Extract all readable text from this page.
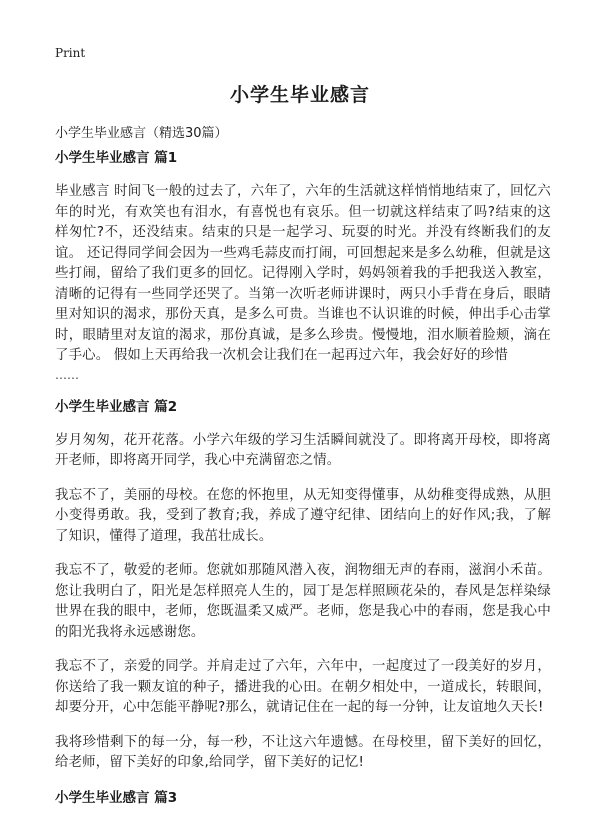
Print
小学生毕业感言

小学生毕业感言（精选30篇）

小学生毕业感言 篇1

毕业感言 时间飞一般的过去了，六年了，六年的生活就这样悄悄地结束了，回忆六年的时光，有欢笑也有泪水，有喜悦也有哀乐。但一切就这样结束了吗?结束的这样匆忙?不，还没结束。结束的只是一起学习、玩耍的时光。并没有终断我们的友谊。 还记得同学间会因为一些鸡毛蒜皮而打闹，可回想起来是多么幼稚，但就是这些打闹，留给了我们更多的回忆。记得刚入学时，妈妈领着我的手把我送入教室，清晰的记得有一些同学还哭了。当第一次听老师讲课时，两只小手背在身后，眼睛里对知识的渴求，那份天真，是多么可贵。当谁也不认识谁的时候，伸出手心击掌时，眼睛里对友谊的渴求，那份真诚，是多么珍贵。慢慢地，泪水顺着脸颊，滴在了手心。 假如上天再给我一次机会让我们在一起再过六年，我会好好的珍惜

……
小学生毕业感言 篇2

岁月匆匆，花开花落。小学六年级的学习生活瞬间就没了。即将离开母校，即将离开老师，即将离开同学，我心中充满留恋之情。

我忘不了，美丽的母校。在您的怀抱里，从无知变得懂事，从幼稚变得成熟，从胆小变得勇敢。我，受到了教育;我，养成了遵守纪律、团结向上的好作风;我，了解了知识，懂得了道理，我茁壮成长。

我忘不了，敬爱的老师。您就如那随风潜入夜，润物细无声的春雨，滋润小禾苗。您让我明白了，阳光是怎样照亮人生的，园丁是怎样照顾花朵的，春风是怎样染绿世界在我的眼中，老师，您既温柔又威严。老师，您是我心中的春雨，您是我心中的阳光我将永远感谢您。

我忘不了，亲爱的同学。并肩走过了六年，六年中，一起度过了一段美好的岁月，你送给了我一颗友谊的种子，播进我的心田。在朝夕相处中，一道成长，转眼间，却要分开，心中怎能平静呢?那么，就请记住在一起的每一分钟，让友谊地久天长!

我将珍惜剩下的每一分，每一秒，不让这六年遗憾。在母校里，留下美好的回忆，给老师，留下美好的印象,给同学，留下美好的记忆!

小学生毕业感言 篇3
